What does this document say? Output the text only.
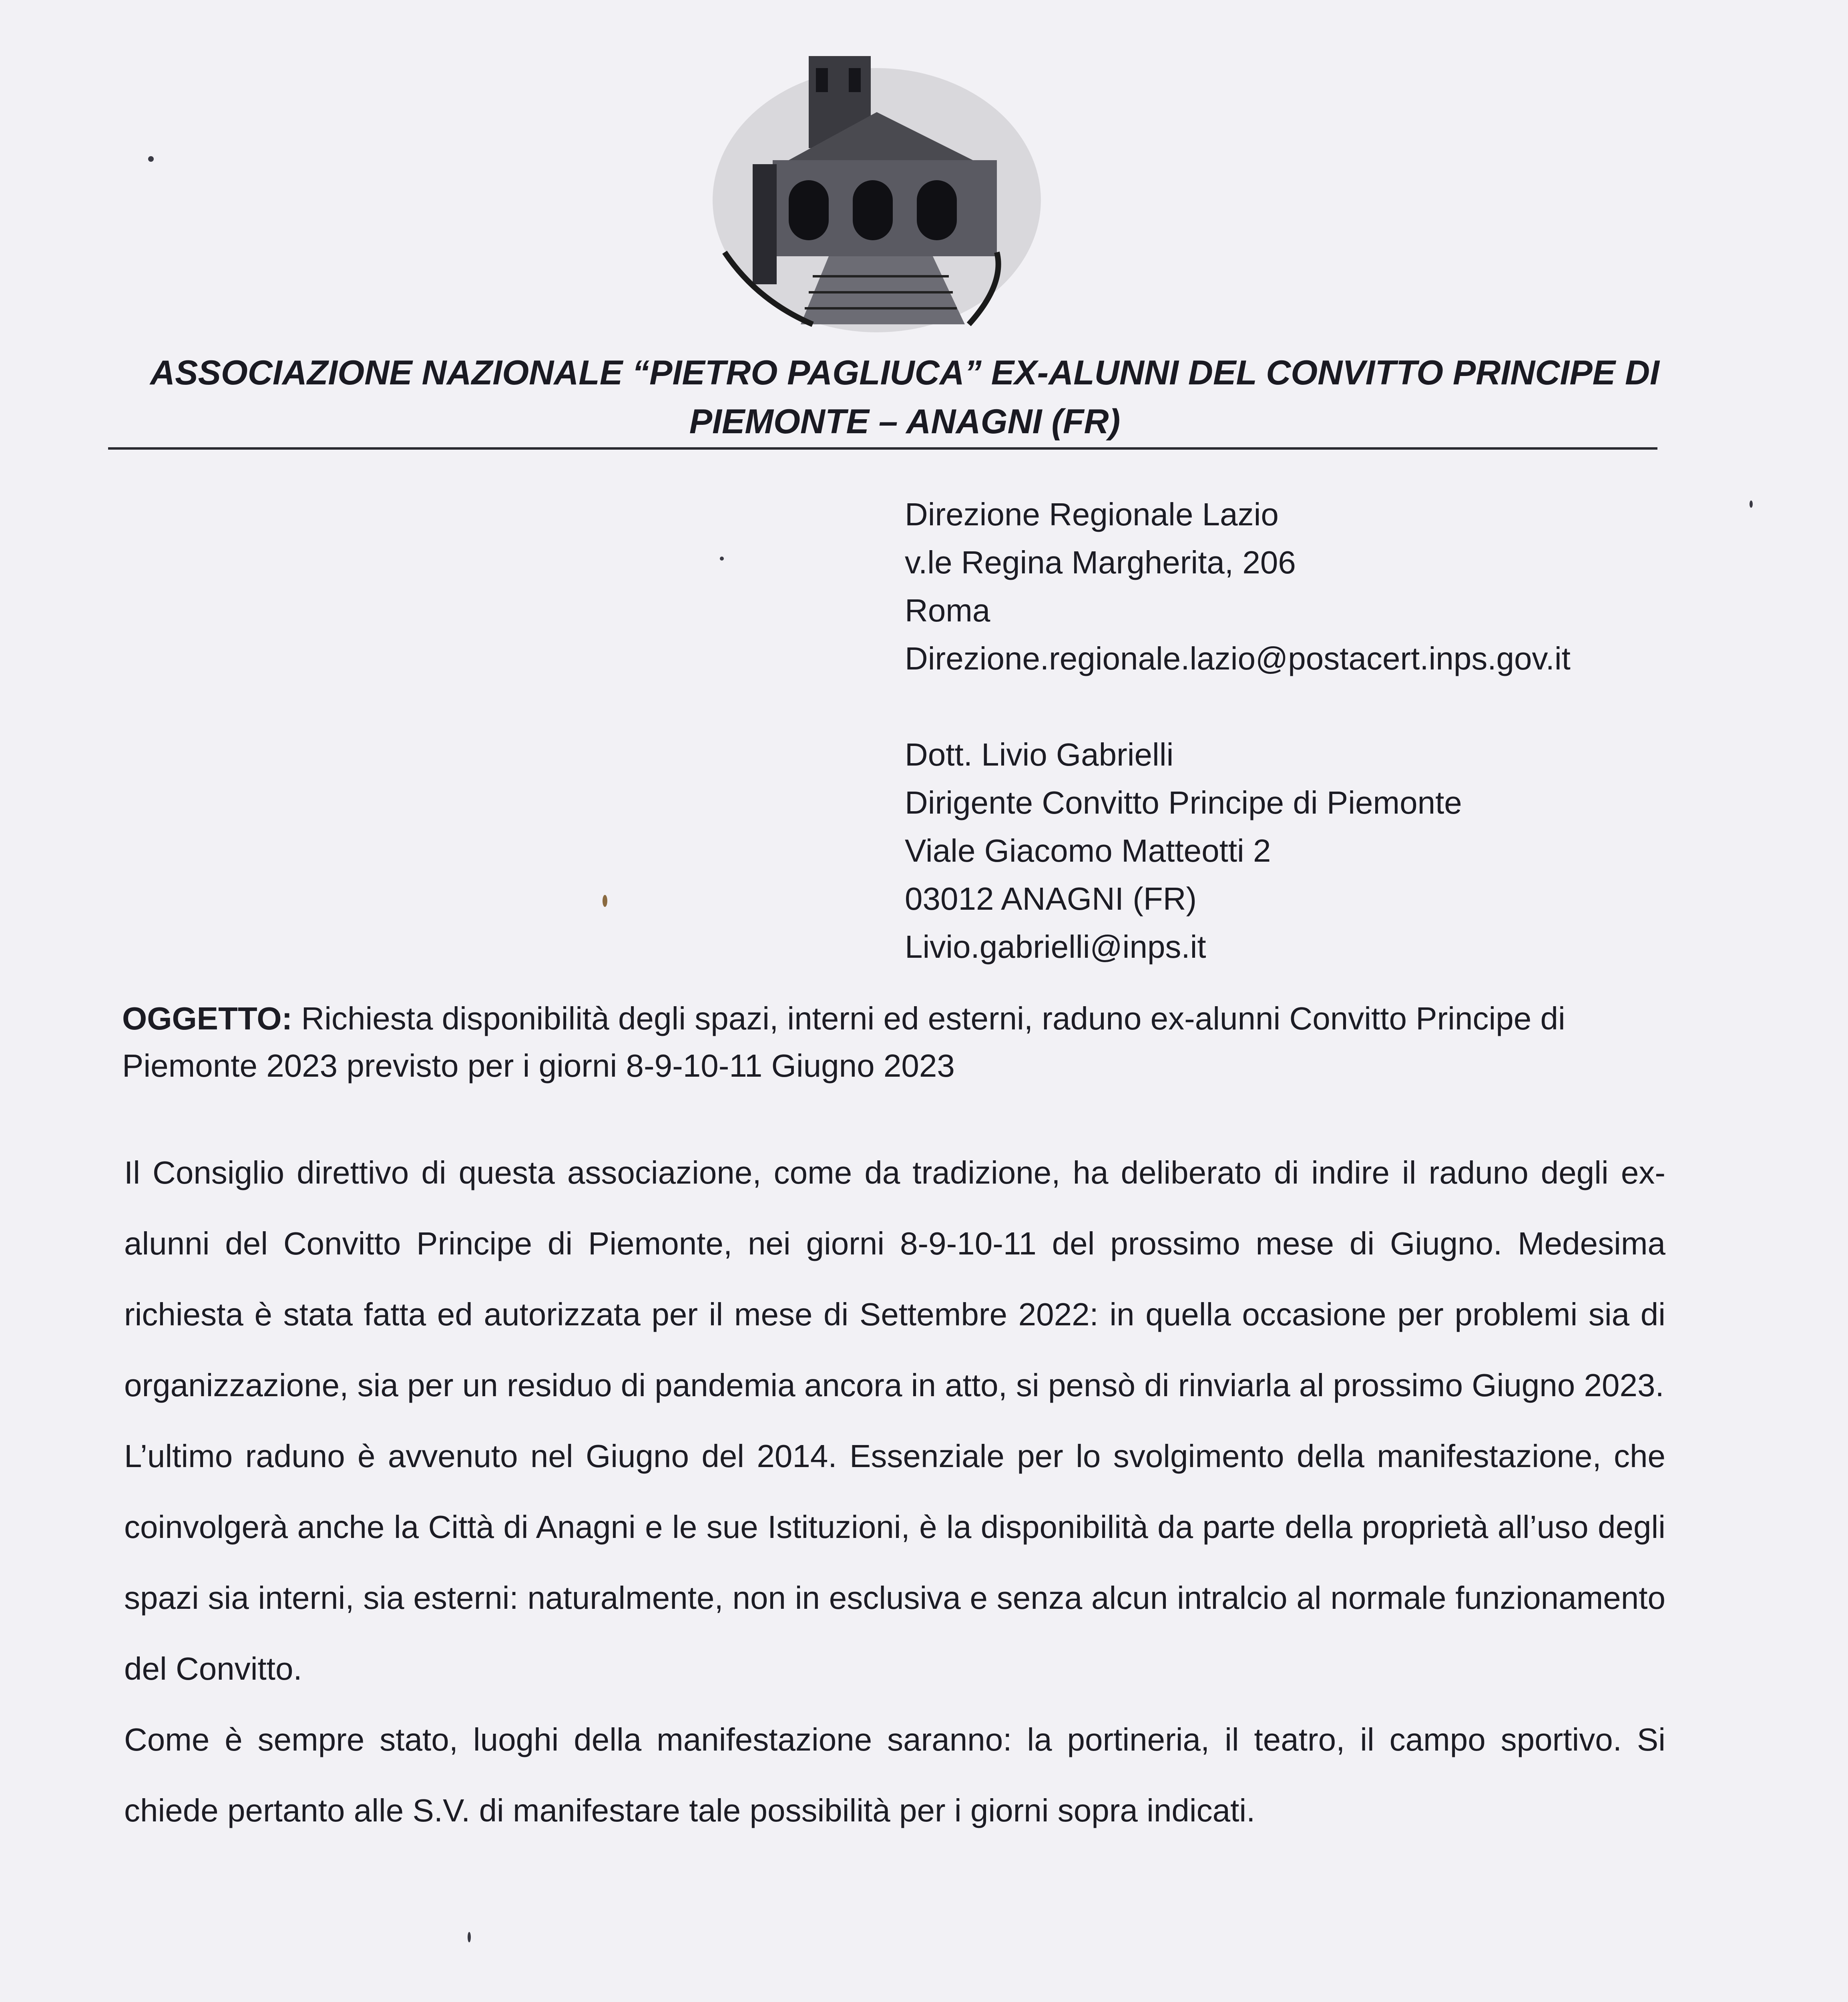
ASSOCIAZIONE NAZIONALE “PIETRO PAGLIUCA” EX-ALUNNI DEL CONVITTO PRINCIPE DI
PIEMONTE – ANAGNI (FR)
Direzione Regionale Lazio
v.le Regina Margherita, 206
Roma
Direzione.regionale.lazio@postacert.inps.gov.it
Dott. Livio Gabrielli
Dirigente Convitto Principe di Piemonte
Viale Giacomo Matteotti 2
03012 ANAGNI (FR)
Livio.gabrielli@inps.it
OGGETTO: Richiesta disponibilità degli spazi, interni ed esterni, raduno ex-alunni Convitto Principe di Piemonte 2023 previsto per i giorni 8-9-10-11 Giugno 2023

Il Consiglio direttivo di questa associazione, come da tradizione, ha deliberato di indire il raduno degli ex-alunni del Convitto Principe di Piemonte, nei giorni 8-9-10-11 del prossimo mese di Giugno. Medesima richiesta è stata fatta ed autorizzata per il mese di Settembre 2022: in quella occasione per problemi sia di organizzazione, sia per un residuo di pandemia ancora in atto, si pensò di rinviarla al prossimo Giugno 2023.

L’ultimo raduno è avvenuto nel Giugno del 2014. Essenziale per lo svolgimento della manifestazione, che coinvolgerà anche la Città di Anagni e le sue Istituzioni, è la disponibilità da parte della proprietà all’uso degli spazi sia interni, sia esterni: naturalmente, non in esclusiva e senza alcun intralcio al normale funzionamento del Convitto.

Come è sempre stato, luoghi della manifestazione saranno: la portineria, il teatro, il campo sportivo. Si chiede pertanto alle S.V. di manifestare tale possibilità per i giorni sopra indicati.
